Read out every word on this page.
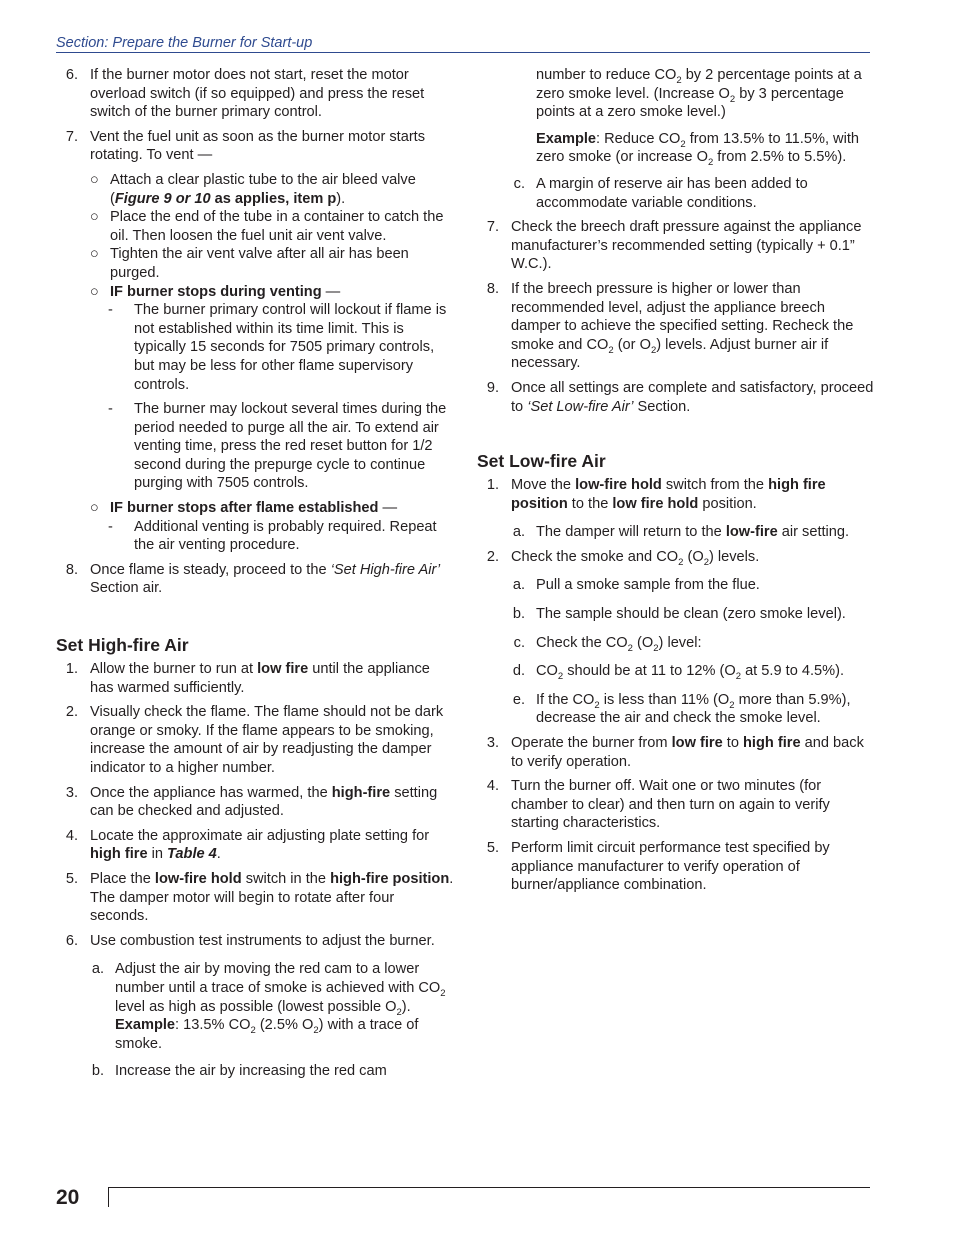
Section: Prepare the Burner for Start-up
6. If the burner motor does not start, reset the motor overload switch (if so equipped) and press the reset switch of the burner primary control.
7. Vent the fuel unit as soon as the burner motor starts rotating. To vent —
○ Attach a clear plastic tube to the air bleed valve (Figure 9 or 10 as applies, item p).
○ Place the end of the tube in a container to catch the oil. Then loosen the fuel unit air vent valve.
○ Tighten the air vent valve after all air has been purged.
○ IF burner stops during venting —
- The burner primary control will lockout if flame is not established within its time limit. This is typically 15 seconds for 7505 primary controls, but may be less for other flame supervisory controls.
- The burner may lockout several times during the period needed to purge all the air. To extend air venting time, press the red reset button for 1/2 second during the prepurge cycle to continue purging with 7505 controls.
○ IF burner stops after flame established —
- Additional venting is probably required. Repeat the air venting procedure.
8. Once flame is steady, proceed to the ‘Set High-fire Air’ Section air.
Set High-fire Air
1. Allow the burner to run at low fire until the appliance has warmed sufficiently.
2. Visually check the flame. The flame should not be dark orange or smoky. If the flame appears to be smoking, increase the amount of air by readjusting the damper indicator to a higher number.
3. Once the appliance has warmed, the high-fire setting can be checked and adjusted.
4. Locate the approximate air adjusting plate setting for high fire in Table 4.
5. Place the low-fire hold switch in the high-fire position. The damper motor will begin to rotate after four seconds.
6. Use combustion test instruments to adjust the burner.
a. Adjust the air by moving the red cam to a lower number until a trace of smoke is achieved with $CO_2$ level as high as possible (lowest possible $O_2$).
Example: 13.5% $CO_2$ (2.5% $O_2$) with a trace of smoke.
b. Increase the air by increasing the red cam
number to reduce $CO_2$ by 2 percentage points at a zero smoke level. (Increase $O_2$ by 3 percentage points at a zero smoke level.)
Example: Reduce $CO_2$ from 13.5% to 11.5%, with zero smoke (or increase $O_2$ from 2.5% to 5.5%).
c. A margin of reserve air has been added to accommodate variable conditions.
7. Check the breech draft pressure against the appliance manufacturer’s recommended setting (typically + 0.1” W.C.).
8. If the breech pressure is higher or lower than recommended level, adjust the appliance breech damper to achieve the specified setting. Recheck the smoke and $CO_2$ (or $O_2$) levels. Adjust burner air if necessary.
9. Once all settings are complete and satisfactory, proceed to ‘Set Low-fire Air’ Section.
Set Low-fire Air
1. Move the low-fire hold switch from the high fire position to the low fire hold position.
a. The damper will return to the low-fire air setting.
2. Check the smoke and $CO_2$ $(O_2)$ levels.
a. Pull a smoke sample from the flue.
b. The sample should be clean (zero smoke level).
c. Check the $CO_2$ $(O_2)$ level:
d. $CO_2$ should be at 11 to 12% ($O_2$ at 5.9 to 4.5%).
e. If the $CO_2$ is less than 11% ($O_2$ more than 5.9%), decrease the air and check the smoke level.
3. Operate the burner from low fire to high fire and back to verify operation.
4. Turn the burner off. Wait one or two minutes (for chamber to clear) and then turn on again to verify starting characteristics.
5. Perform limit circuit performance test specified by appliance manufacturer to verify operation of burner/appliance combination.
20
